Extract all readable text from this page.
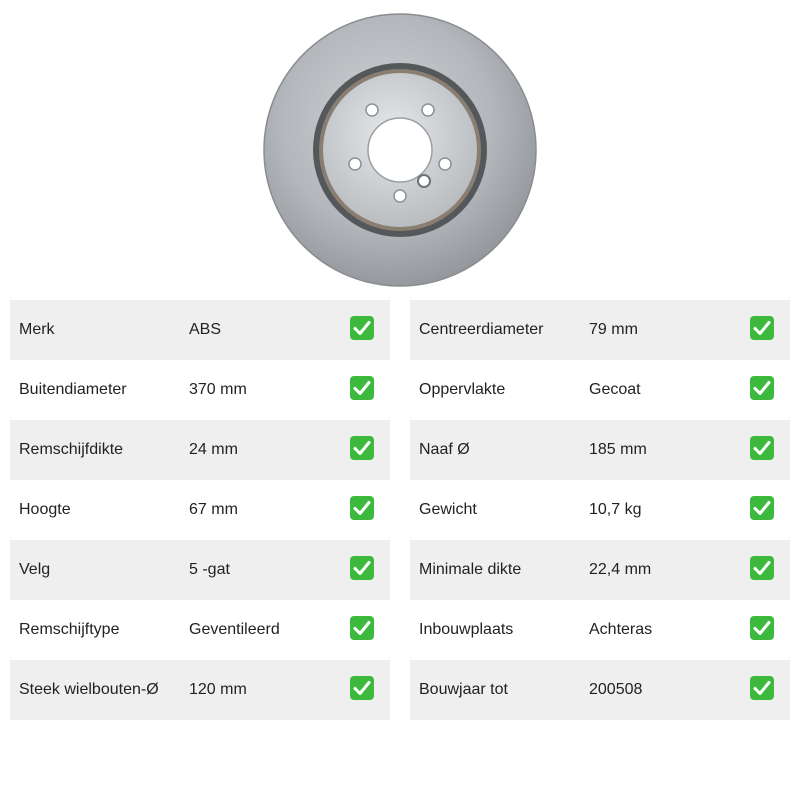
Merk	ABS
Buitendiameter	370 mm
Remschijfdikte	24 mm
Hoogte	67 mm
Velg	5 -gat
Remschijftype	Geventileerd
Steek wielbouten-Ø 120 mm
Centreerdiameter	79 mm
Oppervlakte	Gecoat
Naaf Ø	185 mm
Gewicht	10,7 kg
Minimale dikte	22,4 mm
Inbouwplaats	Achteras
Bouwjaar tot	200508
